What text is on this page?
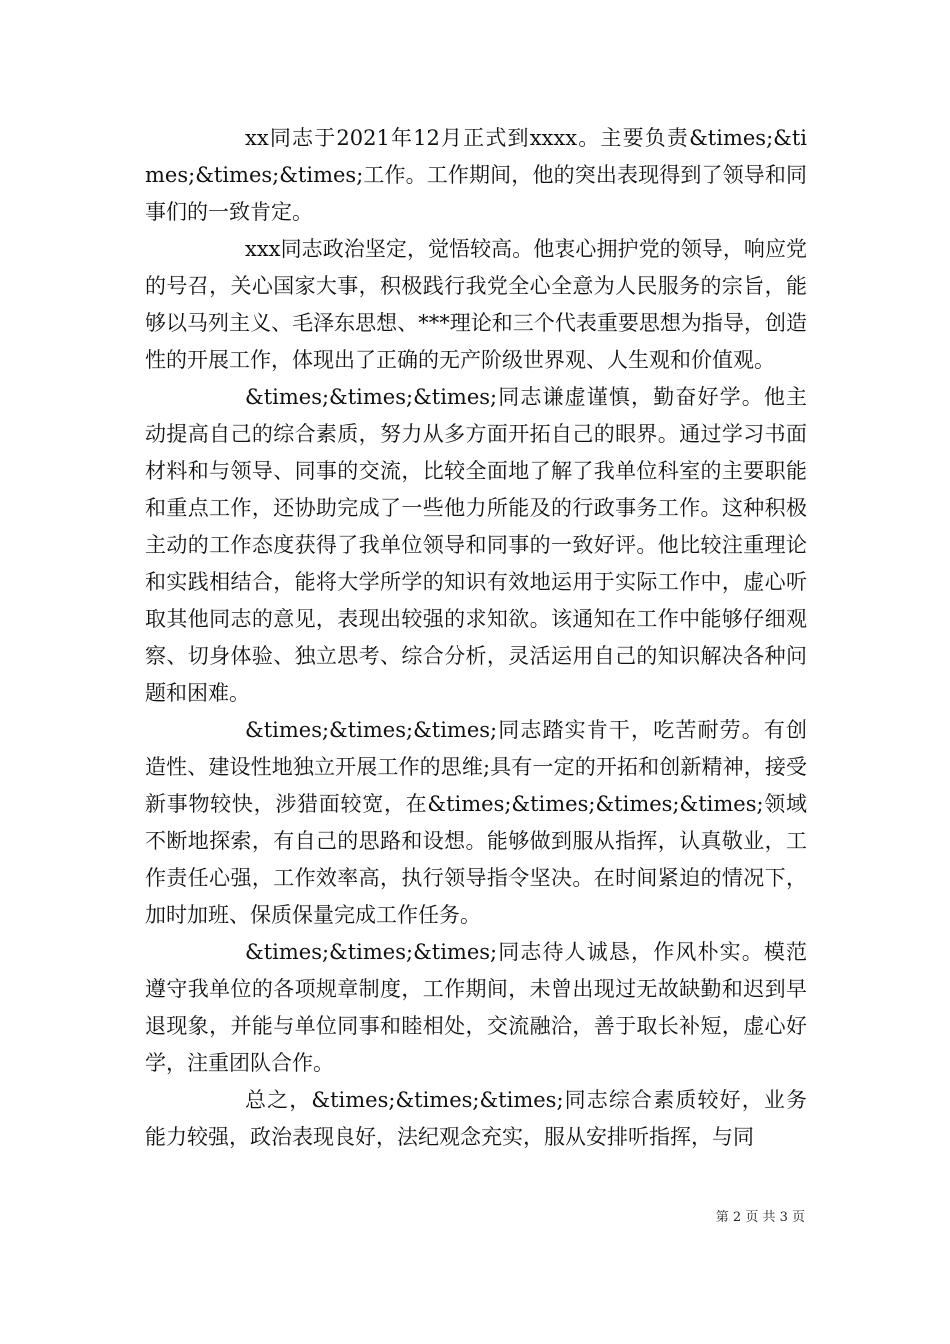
xx同志于2021年12月正式到xxxx。主要负责&times;&times;&times;&times;工作。工作期间，他的突出表现得到了领导和同事们的一致肯定。

xxx同志政治坚定，觉悟较高。他衷心拥护党的领导，响应党的号召，关心国家大事，积极践行我党全心全意为人民服务的宗旨，能够以马列主义、毛泽东思想、***理论和三个代表重要思想为指导，创造性的开展工作，体现出了正确的无产阶级世界观、人生观和价值观。

&times;&times;&times;同志谦虚谨慎，勤奋好学。他主动提高自己的综合素质，努力从多方面开拓自己的眼界。通过学习书面材料和与领导、同事的交流，比较全面地了解了我单位科室的主要职能和重点工作，还协助完成了一些他力所能及的行政事务工作。这种积极主动的工作态度获得了我单位领导和同事的一致好评。他比较注重理论和实践相结合，能将大学所学的知识有效地运用于实际工作中，虚心听取其他同志的意见，表现出较强的求知欲。该通知在工作中能够仔细观察、切身体验、独立思考、综合分析，灵活运用自己的知识解决各种问题和困难。

&times;&times;&times;同志踏实肯干，吃苦耐劳。有创造性、建设性地独立开展工作的思维;具有一定的开拓和创新精神，接受新事物较快，涉猎面较宽，在&times;&times;&times;&times;领域不断地探索，有自己的思路和设想。能够做到服从指挥，认真敬业，工作责任心强，工作效率高，执行领导指令坚决。在时间紧迫的情况下，加时加班、保质保量完成工作任务。

&times;&times;&times;同志待人诚恳，作风朴实。模范遵守我单位的各项规章制度，工作期间，未曾出现过无故缺勤和迟到早退现象，并能与单位同事和睦相处，交流融洽，善于取长补短，虚心好学，注重团队合作。

总之，&times;&times;&times;同志综合素质较好，业务能力较强，政治表现良好，法纪观念充实，服从安排听指挥，与同

第 2 页 共 3 页
